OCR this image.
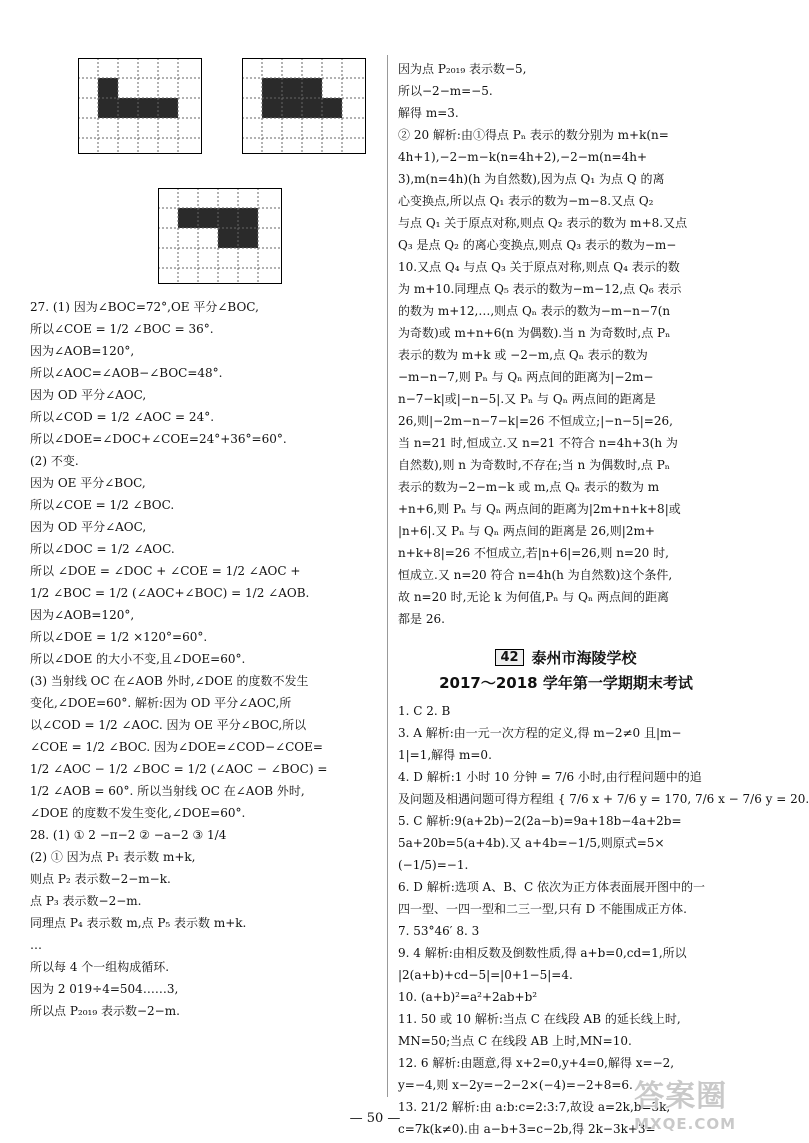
27. (1) 因为∠BOC=72°,OE 平分∠BOC,
所以∠COE = 1/2 ∠BOC = 36°.
因为∠AOB=120°,
所以∠AOC=∠AOB−∠BOC=48°.
因为 OD 平分∠AOC,
所以∠COD = 1/2 ∠AOC = 24°.
所以∠DOE=∠DOC+∠COE=24°+36°=60°.
(2) 不变.
因为 OE 平分∠BOC,
所以∠COE = 1/2 ∠BOC.
因为 OD 平分∠AOC,
所以∠DOC = 1/2 ∠AOC.
所以 ∠DOE = ∠DOC + ∠COE = 1/2 ∠AOC +
1/2 ∠BOC = 1/2 (∠AOC+∠BOC) = 1/2 ∠AOB.
因为∠AOB=120°,
所以∠DOE = 1/2 ×120°=60°.
所以∠DOE 的大小不变,且∠DOE=60°.
(3) 当射线 OC 在∠AOB 外时,∠DOE 的度数不发生
变化,∠DOE=60°. 解析:因为 OD 平分∠AOC,所
以∠COD = 1/2 ∠AOC. 因为 OE 平分∠BOC,所以
∠COE = 1/2 ∠BOC. 因为∠DOE=∠COD−∠COE=
1/2 ∠AOC − 1/2 ∠BOC = 1/2 (∠AOC − ∠BOC) =
1/2 ∠AOB = 60°. 所以当射线 OC 在∠AOB 外时,
∠DOE 的度数不发生变化,∠DOE=60°.
28. (1) ① 2 −π−2 ② −a−2 ③ 1/4
(2) ① 因为点 P₁ 表示数 m+k,
则点 P₂ 表示数−2−m−k.
点 P₃ 表示数−2−m.
同理点 P₄ 表示数 m,点 P₅ 表示数 m+k.
…
所以每 4 个一组构成循环.
因为 2 019÷4=504……3,
所以点 P₂₀₁₉ 表示数−2−m.
因为点 P₂₀₁₉ 表示数−5,
所以−2−m=−5.
解得 m=3.
② 20 解析:由①得点 Pₙ 表示的数分别为 m+k(n=
4h+1),−2−m−k(n=4h+2),−2−m(n=4h+
3),m(n=4h)(h 为自然数),因为点 Q₁ 为点 Q 的离
心变换点,所以点 Q₁ 表示的数为−m−8.又点 Q₂
与点 Q₁ 关于原点对称,则点 Q₂ 表示的数为 m+8.又点
Q₃ 是点 Q₂ 的离心变换点,则点 Q₃ 表示的数为−m−
10.又点 Q₄ 与点 Q₃ 关于原点对称,则点 Q₄ 表示的数
为 m+10.同理点 Q₅ 表示的数为−m−12,点 Q₆ 表示
的数为 m+12,…,则点 Qₙ 表示的数为−m−n−7(n
为奇数)或 m+n+6(n 为偶数).当 n 为奇数时,点 Pₙ
表示的数为 m+k 或 −2−m,点 Qₙ 表示的数为
−m−n−7,则 Pₙ 与 Qₙ 两点间的距离为|−2m−
n−7−k|或|−n−5|.又 Pₙ 与 Qₙ 两点间的距离是
26,则|−2m−n−7−k|=26 不恒成立;|−n−5|=26,
当 n=21 时,恒成立.又 n=21 不符合 n=4h+3(h 为
自然数),则 n 为奇数时,不存在;当 n 为偶数时,点 Pₙ
表示的数为−2−m−k 或 m,点 Qₙ 表示的数为 m
+n+6,则 Pₙ 与 Qₙ 两点间的距离为|2m+n+k+8|或
|n+6|.又 Pₙ 与 Qₙ 两点间的距离是 26,则|2m+
n+k+8|=26 不恒成立,若|n+6|=26,则 n=20 时,
恒成立.又 n=20 符合 n=4h(h 为自然数)这个条件,
故 n=20 时,无论 k 为何值,Pₙ 与 Qₙ 两点间的距离
都是 26.
42 泰州市海陵学校
2017～2018 学年第一学期期末考试
1. C 2. B
3. A 解析:由一元一次方程的定义,得 m−2≠0 且|m−
1|=1,解得 m=0.
4. D 解析:1 小时 10 分钟 = 7/6 小时,由行程问题中的追
及问题及相遇问题可得方程组 { 7/6 x + 7/6 y = 170, 7/6 x − 7/6 y = 20.
5. C 解析:9(a+2b)−2(2a−b)=9a+18b−4a+2b=
5a+20b=5(a+4b).又 a+4b=−1/5,则原式=5×
(−1/5)=−1.
6. D 解析:选项 A、B、C 依次为正方体表面展开图中的一
四一型、一四一型和二三一型,只有 D 不能围成正方体.
7. 53°46′ 8. 3
9. 4 解析:由相反数及倒数性质,得 a+b=0,cd=1,所以
|2(a+b)+cd−5|=|0+1−5|=4.
10. (a+b)²=a²+2ab+b²
11. 50 或 10 解析:当点 C 在线段 AB 的延长线上时,
MN=50;当点 C 在线段 AB 上时,MN=10.
12. 6 解析:由题意,得 x+2=0,y+4=0,解得 x=−2,
y=−4,则 x−2y=−2−2×(−4)=−2+8=6.
13. 21/2 解析:由 a:b:c=2:3:7,故设 a=2k,b=3k,
c=7k(k≠0).由 a−b+3=c−2b,得 2k−3k+3=
— 50 —
答案圈
MXQE.COM
